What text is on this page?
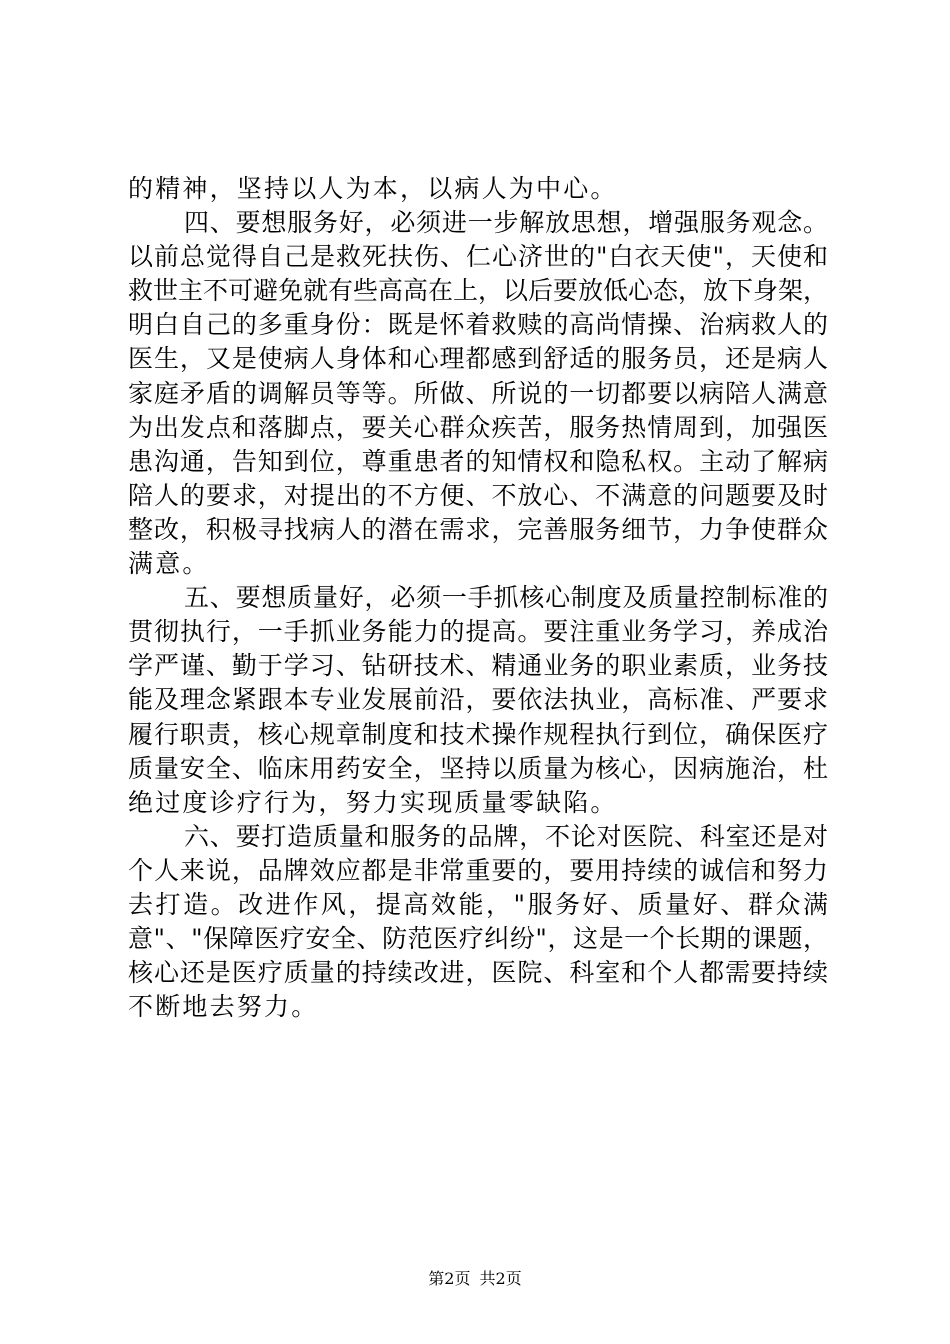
的精神，坚持以人为本，以病人为中心。
四、要想服务好，必须进一步解放思想，增强服务观念。
以前总觉得自己是救死扶伤、仁心济世的"白衣天使"，天使和
救世主不可避免就有些高高在上，以后要放低心态，放下身架，
明白自己的多重身份：既是怀着救赎的高尚情操、治病救人的
医生，又是使病人身体和心理都感到舒适的服务员，还是病人
家庭矛盾的调解员等等。所做、所说的一切都要以病陪人满意
为出发点和落脚点，要关心群众疾苦，服务热情周到，加强医
患沟通，告知到位，尊重患者的知情权和隐私权。主动了解病
陪人的要求，对提出的不方便、不放心、不满意的问题要及时
整改，积极寻找病人的潜在需求，完善服务细节，力争使群众
满意。
五、要想质量好，必须一手抓核心制度及质量控制标准的
贯彻执行，一手抓业务能力的提高。要注重业务学习，养成治
学严谨、勤于学习、钻研技术、精通业务的职业素质，业务技
能及理念紧跟本专业发展前沿，要依法执业，高标准、严要求
履行职责，核心规章制度和技术操作规程执行到位，确保医疗
质量安全、临床用药安全，坚持以质量为核心，因病施治，杜
绝过度诊疗行为，努力实现质量零缺陷。
六、要打造质量和服务的品牌，不论对医院、科室还是对
个人来说，品牌效应都是非常重要的，要用持续的诚信和努力
去打造。改进作风，提高效能，"服务好、质量好、群众满
意"、"保障医疗安全、防范医疗纠纷"，这是一个长期的课题，
核心还是医疗质量的持续改进，医院、科室和个人都需要持续
不断地去努力。
第2页 共2页
